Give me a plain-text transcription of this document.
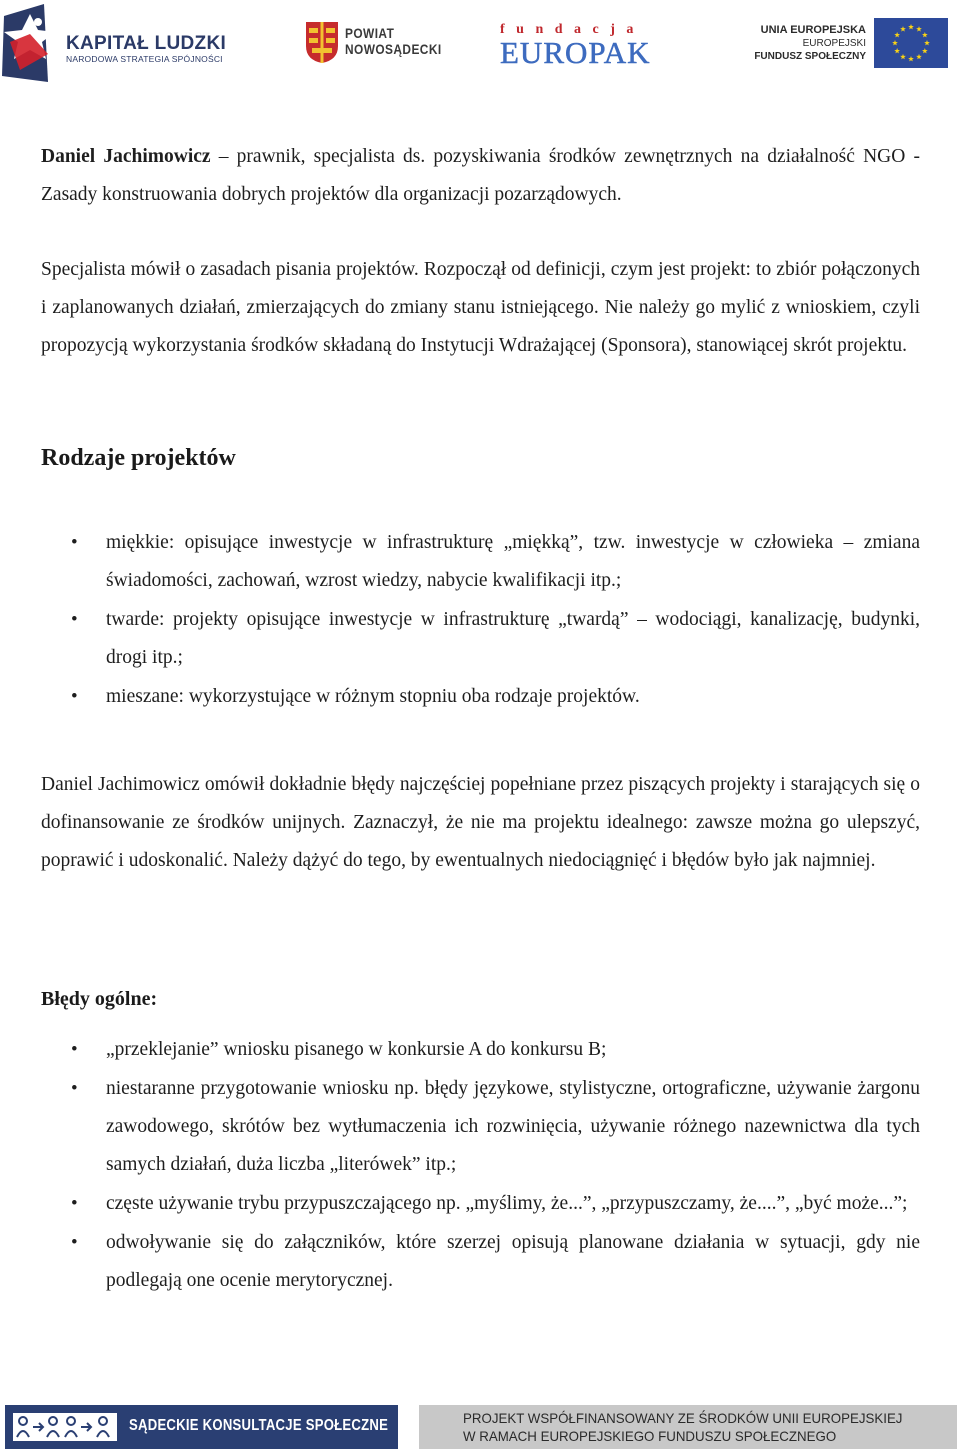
KAPITAŁ LUDZKI
NARODOWA STRATEGIA SPÓJNOŚCI
POWIAT
NOWOSĄDECKI
fundacja
EUROPAK
UNIA EUROPEJSKA
EUROPEJSKI
FUNDUSZ SPOŁECZNY
Daniel Jachimowicz – prawnik, specjalista ds. pozyskiwania środków zewnętrznych na działalność NGO - Zasady konstruowania dobrych projektów dla organizacji pozarządowych.
Specjalista mówił o zasadach pisania projektów. Rozpoczął od definicji, czym jest projekt: to zbiór połączonych i zaplanowanych działań, zmierzających do zmiany stanu istniejącego. Nie należy go mylić z wnioskiem, czyli propozycją wykorzystania środków składaną do Instytucji Wdrażającej (Sponsora), stanowiącej skrót projektu.
Rodzaje projektów
• miękkie: opisujące inwestycje w infrastrukturę „miękką”, tzw. inwestycje w człowieka – zmiana świadomości, zachowań, wzrost wiedzy, nabycie kwalifikacji itp.;
• twarde: projekty opisujące inwestycje w infrastrukturę „twardą” – wodociągi, kanalizację, budynki, drogi itp.;
• mieszane: wykorzystujące w różnym stopniu oba rodzaje projektów.
Daniel Jachimowicz omówił dokładnie błędy najczęściej popełniane przez piszących projekty i starających się o dofinansowanie ze środków unijnych. Zaznaczył, że nie ma projektu idealnego: zawsze można go ulepszyć, poprawić i udoskonalić. Należy dążyć do tego, by ewentualnych niedociągnięć i błędów było jak najmniej.
Błędy ogólne:
• „przeklejanie” wniosku pisanego w konkursie A do konkursu B;
• niestaranne przygotowanie wniosku np. błędy językowe, stylistyczne, ortograficzne, używanie żargonu zawodowego, skrótów bez wytłumaczenia ich rozwinięcia, używanie różnego nazewnictwa dla tych samych działań, duża liczba „literówek” itp.;
• częste używanie trybu przypuszczającego np. „myślimy, że...”, „przypuszczamy, że....”, „być może...”;
• odwoływanie się do załączników, które szerzej opisują planowane działania w sytuacji, gdy nie podlegają one ocenie merytorycznej.
SĄDECKIE KONSULTACJE SPOŁECZNE	PROJEKT WSPÓŁFINANSOWANY ZE ŚRODKÓW UNII EUROPEJSKIEJ
W RAMACH EUROPEJSKIEGO FUNDUSZU SPOŁECZNEGO
